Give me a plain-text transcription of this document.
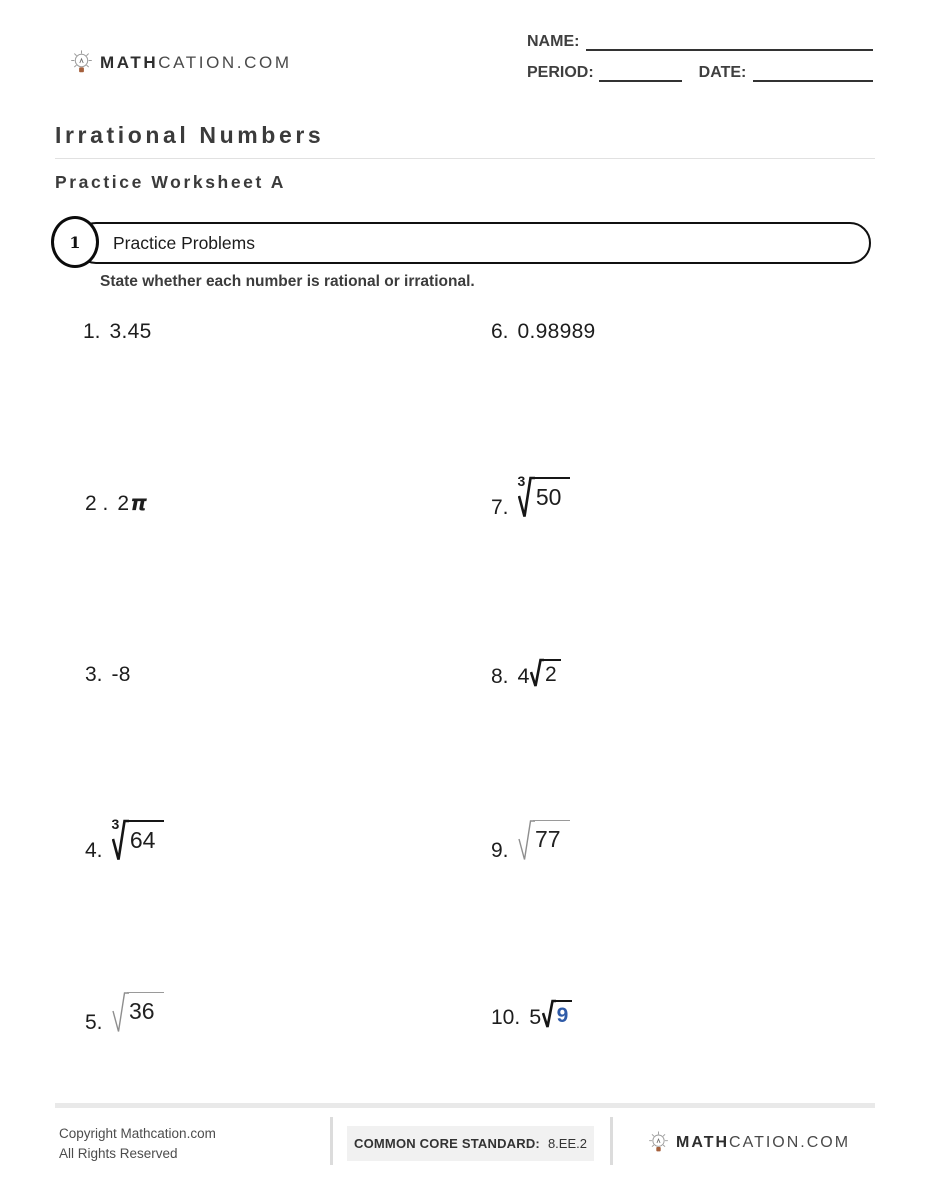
MATHCATION.COM
NAME:
PERIOD:	DATE:
Irrational Numbers
Practice Worksheet A
1 Practice Problems

State whether each number is rational or irrational.

1. 3.45
2 . 2π
3. -8
4.
3
64
5. 36
6. 0.98989
7.
3
50
8. 4 2
9. 77
10. 5 9
Copyright Mathcation.com
All Rights Reserved
COMMON CORE STANDARD: 8.EE.2	MATHCATION.COM
